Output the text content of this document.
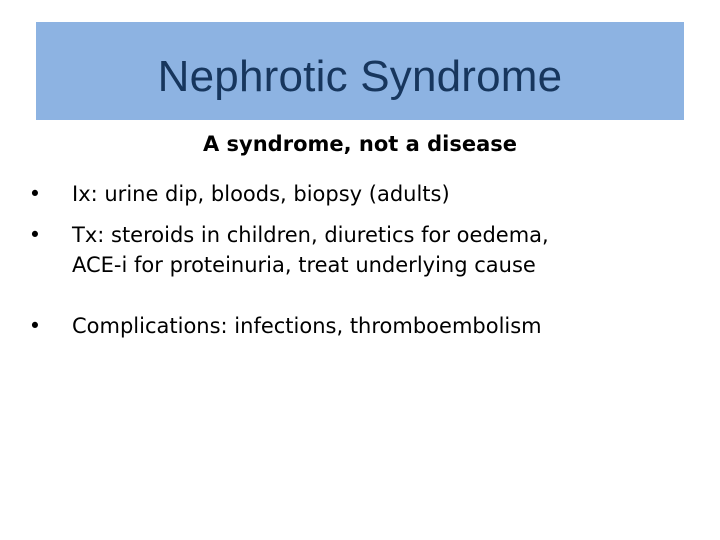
Nephrotic Syndrome
A syndrome, not a disease
• Ix: urine dip, bloods, biopsy (adults)
• Tx: steroids in children, diuretics for oedema,
ACE-i for proteinuria, treat underlying cause
• Complications: infections, thromboembolism
